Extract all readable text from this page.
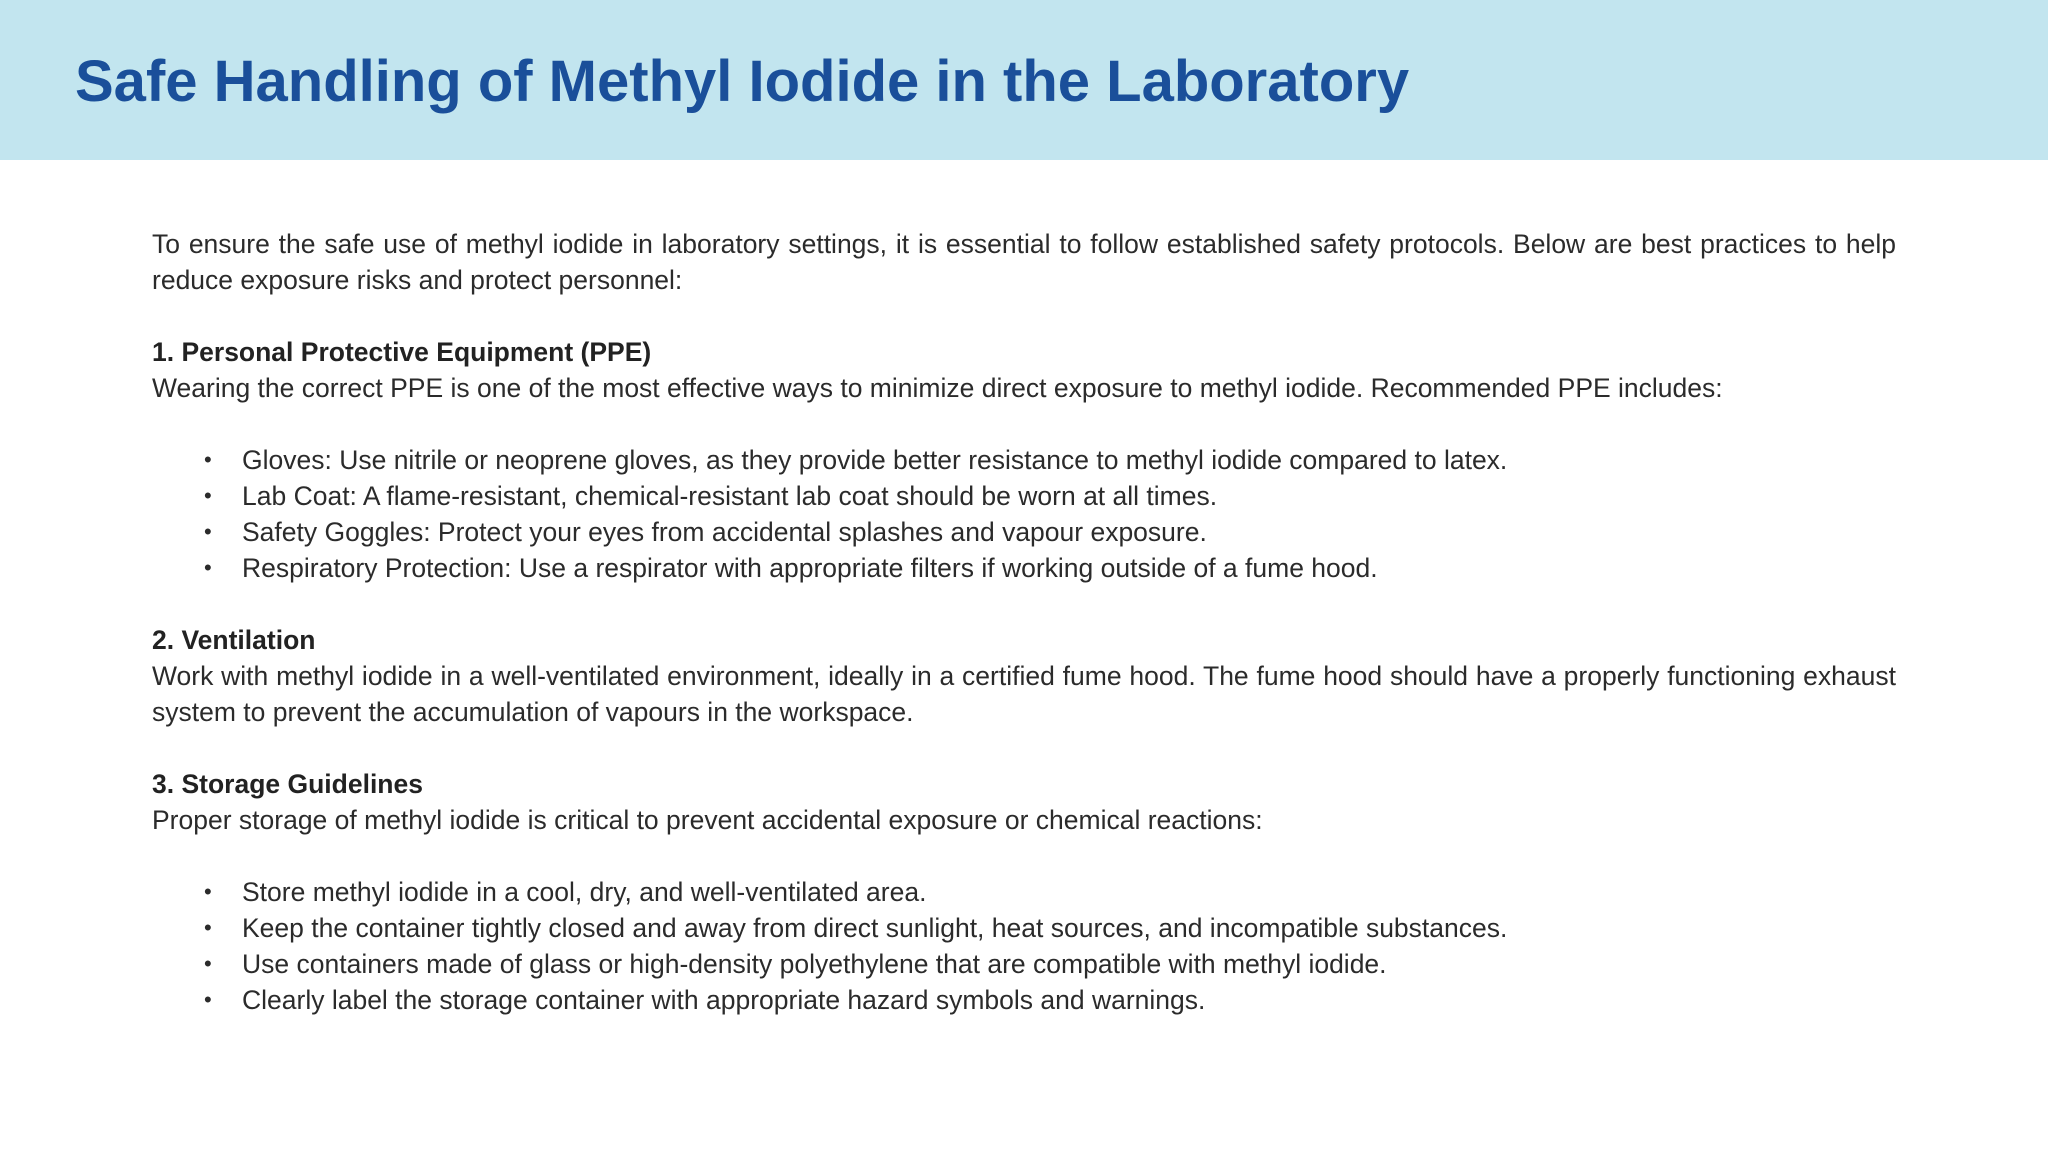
Safe Handling of Methyl Iodide in the Laboratory

To ensure the safe use of methyl iodide in laboratory settings, it is essential to follow established safety protocols. Below are best practices to help reduce exposure risks and protect personnel:

1. Personal Protective Equipment (PPE)

Wearing the correct PPE is one of the most effective ways to minimize direct exposure to methyl iodide. Recommended PPE includes:

• Gloves: Use nitrile or neoprene gloves, as they provide better resistance to methyl iodide compared to latex.
• Lab Coat: A flame-resistant, chemical-resistant lab coat should be worn at all times.
• Safety Goggles: Protect your eyes from accidental splashes and vapour exposure.
• Respiratory Protection: Use a respirator with appropriate filters if working outside of a fume hood.

2. Ventilation

Work with methyl iodide in a well-ventilated environment, ideally in a certified fume hood. The fume hood should have a properly functioning exhaust system to prevent the accumulation of vapours in the workspace.

3. Storage Guidelines

Proper storage of methyl iodide is critical to prevent accidental exposure or chemical reactions:

• Store methyl iodide in a cool, dry, and well-ventilated area.
• Keep the container tightly closed and away from direct sunlight, heat sources, and incompatible substances.
• Use containers made of glass or high-density polyethylene that are compatible with methyl iodide.
• Clearly label the storage container with appropriate hazard symbols and warnings.
